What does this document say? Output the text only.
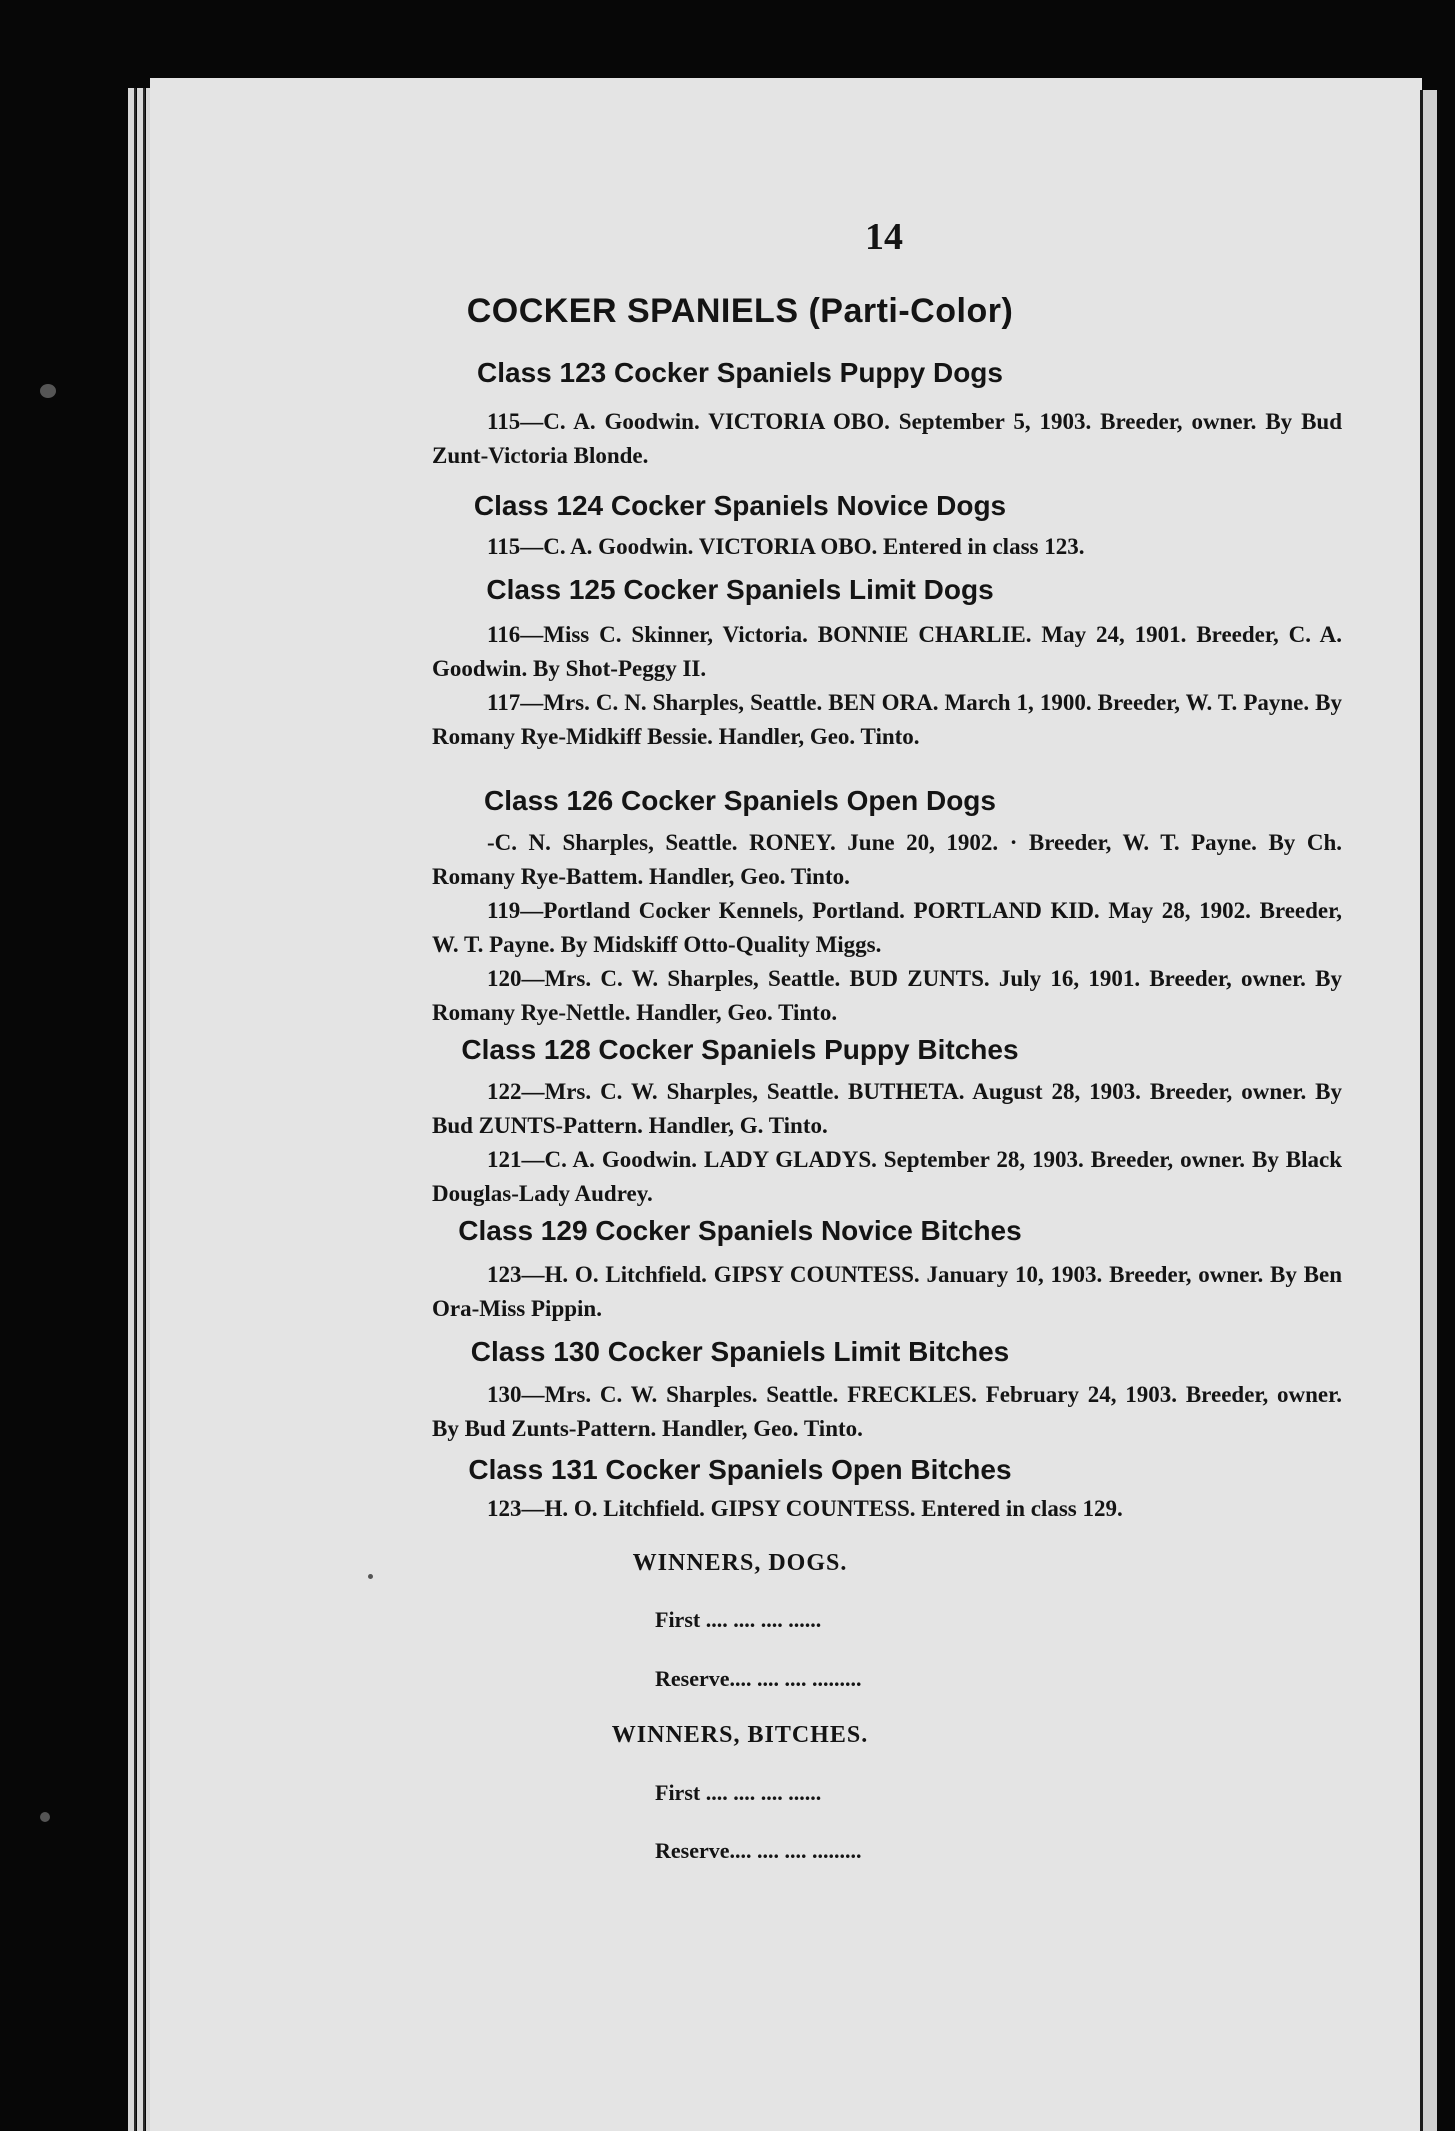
14
COCKER SPANIELS (Parti-Color)
Class 123 Cocker Spaniels Puppy Dogs
115—C. A. Goodwin. VICTORIA OBO. September 5, 1903. Breeder, owner. By Bud Zunt-Victoria Blonde.
Class 124 Cocker Spaniels Novice Dogs
115—C. A. Goodwin. VICTORIA OBO. Entered in class 123.
Class 125 Cocker Spaniels Limit Dogs
116—Miss C. Skinner, Victoria. BONNIE CHARLIE. May 24, 1901. Breeder, C. A. Goodwin. By Shot-Peggy II.
117—Mrs. C. N. Sharples, Seattle. BEN ORA. March 1, 1900. Breeder, W. T. Payne. By Romany Rye-Midkiff Bessie. Handler, Geo. Tinto.
Class 126 Cocker Spaniels Open Dogs
-C. N. Sharples, Seattle. RONEY. June 20, 1902. · Breeder, W. T. Payne. By Ch. Romany Rye-Battem. Handler, Geo. Tinto.
119—Portland Cocker Kennels, Portland. PORTLAND KID. May 28, 1902. Breeder, W. T. Payne. By Midskiff Otto-Quality Miggs.
120—Mrs. C. W. Sharples, Seattle. BUD ZUNTS. July 16, 1901. Breeder, owner. By Romany Rye-Nettle. Handler, Geo. Tinto.
Class 128 Cocker Spaniels Puppy Bitches
122—Mrs. C. W. Sharples, Seattle. BUTHETA. August 28, 1903. Breeder, owner. By Bud ZUNTS-Pattern. Handler, G. Tinto.
121—C. A. Goodwin. LADY GLADYS. September 28, 1903. Breeder, owner. By Black Douglas-Lady Audrey.
Class 129 Cocker Spaniels Novice Bitches
123—H. O. Litchfield. GIPSY COUNTESS. January 10, 1903. Breeder, owner. By Ben Ora-Miss Pippin.
Class 130 Cocker Spaniels Limit Bitches
130—Mrs. C. W. Sharples. Seattle. FRECKLES. February 24, 1903. Breeder, owner. By Bud Zunts-Pattern. Handler, Geo. Tinto.
Class 131 Cocker Spaniels Open Bitches
123—H. O. Litchfield. GIPSY COUNTESS. Entered in class 129.
WINNERS, DOGS.
First .... .... .... ......
Reserve.... .... .... .........
WINNERS, BITCHES.
First .... .... .... ......
Reserve.... .... .... .........
